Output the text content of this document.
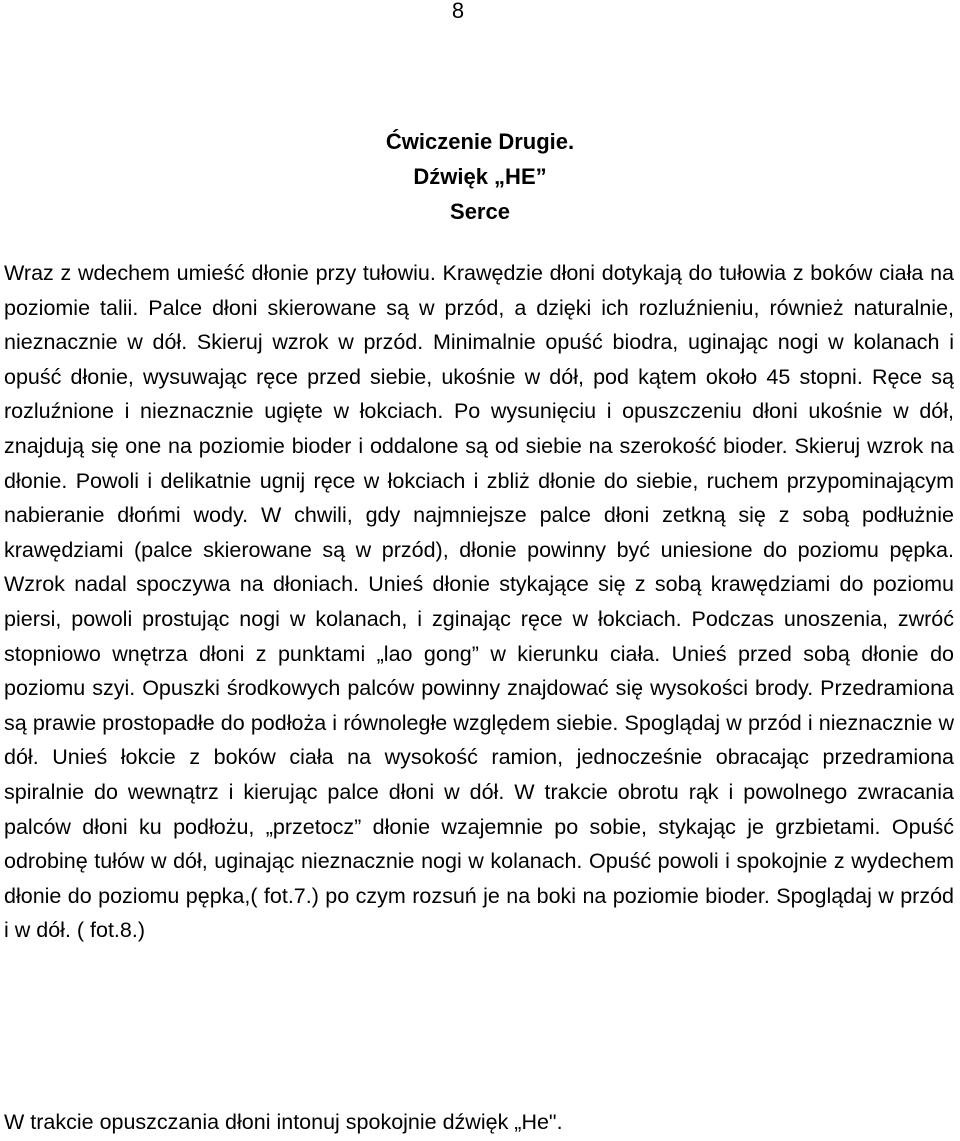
8
Ćwiczenie Drugie.
Dźwięk „HE”
Serce

Wraz z wdechem umieść dłonie przy tułowiu. Krawędzie dłoni dotykają do tułowia z boków ciała na poziomie talii. Palce dłoni skierowane są w przód, a dzięki ich rozluźnieniu, również naturalnie, nieznacznie w dół. Skieruj wzrok w przód. Minimalnie opuść biodra, uginając nogi w kolanach i opuść dłonie, wysuwając ręce przed siebie, ukośnie w dół, pod kątem około 45 stopni. Ręce są rozluźnione i nieznacznie ugięte w łokciach. Po wysunięciu i opuszczeniu dłoni ukośnie w dół, znajdują się one na poziomie bioder i oddalone są od siebie na szerokość bioder. Skieruj wzrok na dłonie. Powoli i delikatnie ugnij ręce w łokciach i zbliż dłonie do siebie, ruchem przypominającym nabieranie dłońmi wody. W chwili, gdy najmniejsze palce dłoni zetkną się z sobą podłużnie krawędziami (palce skierowane są w przód), dłonie powinny być uniesione do poziomu pępka. Wzrok nadal spoczywa na dłoniach. Unieś dłonie stykające się z sobą krawędziami do poziomu piersi, powoli prostując nogi w kolanach, i zginając ręce w łokciach. Podczas unoszenia, zwróć stopniowo wnętrza dłoni z punktami „lao gong” w kierunku ciała. Unieś przed sobą dłonie do poziomu szyi. Opuszki środkowych palców powinny znajdować się wysokości brody. Przedramiona są prawie prostopadłe do podłoża i równoległe względem siebie. Spoglądaj w przód i nieznacznie w dół. Unieś łokcie z boków ciała na wysokość ramion, jednocześnie obracając przedramiona spiralnie do wewnątrz i kierując palce dłoni w dół. W trakcie obrotu rąk i powolnego zwracania palców dłoni ku podłożu, „przetocz” dłonie wzajemnie po sobie, stykając je grzbietami. Opuść odrobinę tułów w dół, uginając nieznacznie nogi w kolanach. Opuść powoli i spokojnie z wydechem dłonie do poziomu pępka,( fot.7.) po czym rozsuń je na boki na poziomie bioder. Spoglądaj w przód i w dół. ( fot.8.)

W trakcie opuszczania dłoni intonuj spokojnie dźwięk „He".
